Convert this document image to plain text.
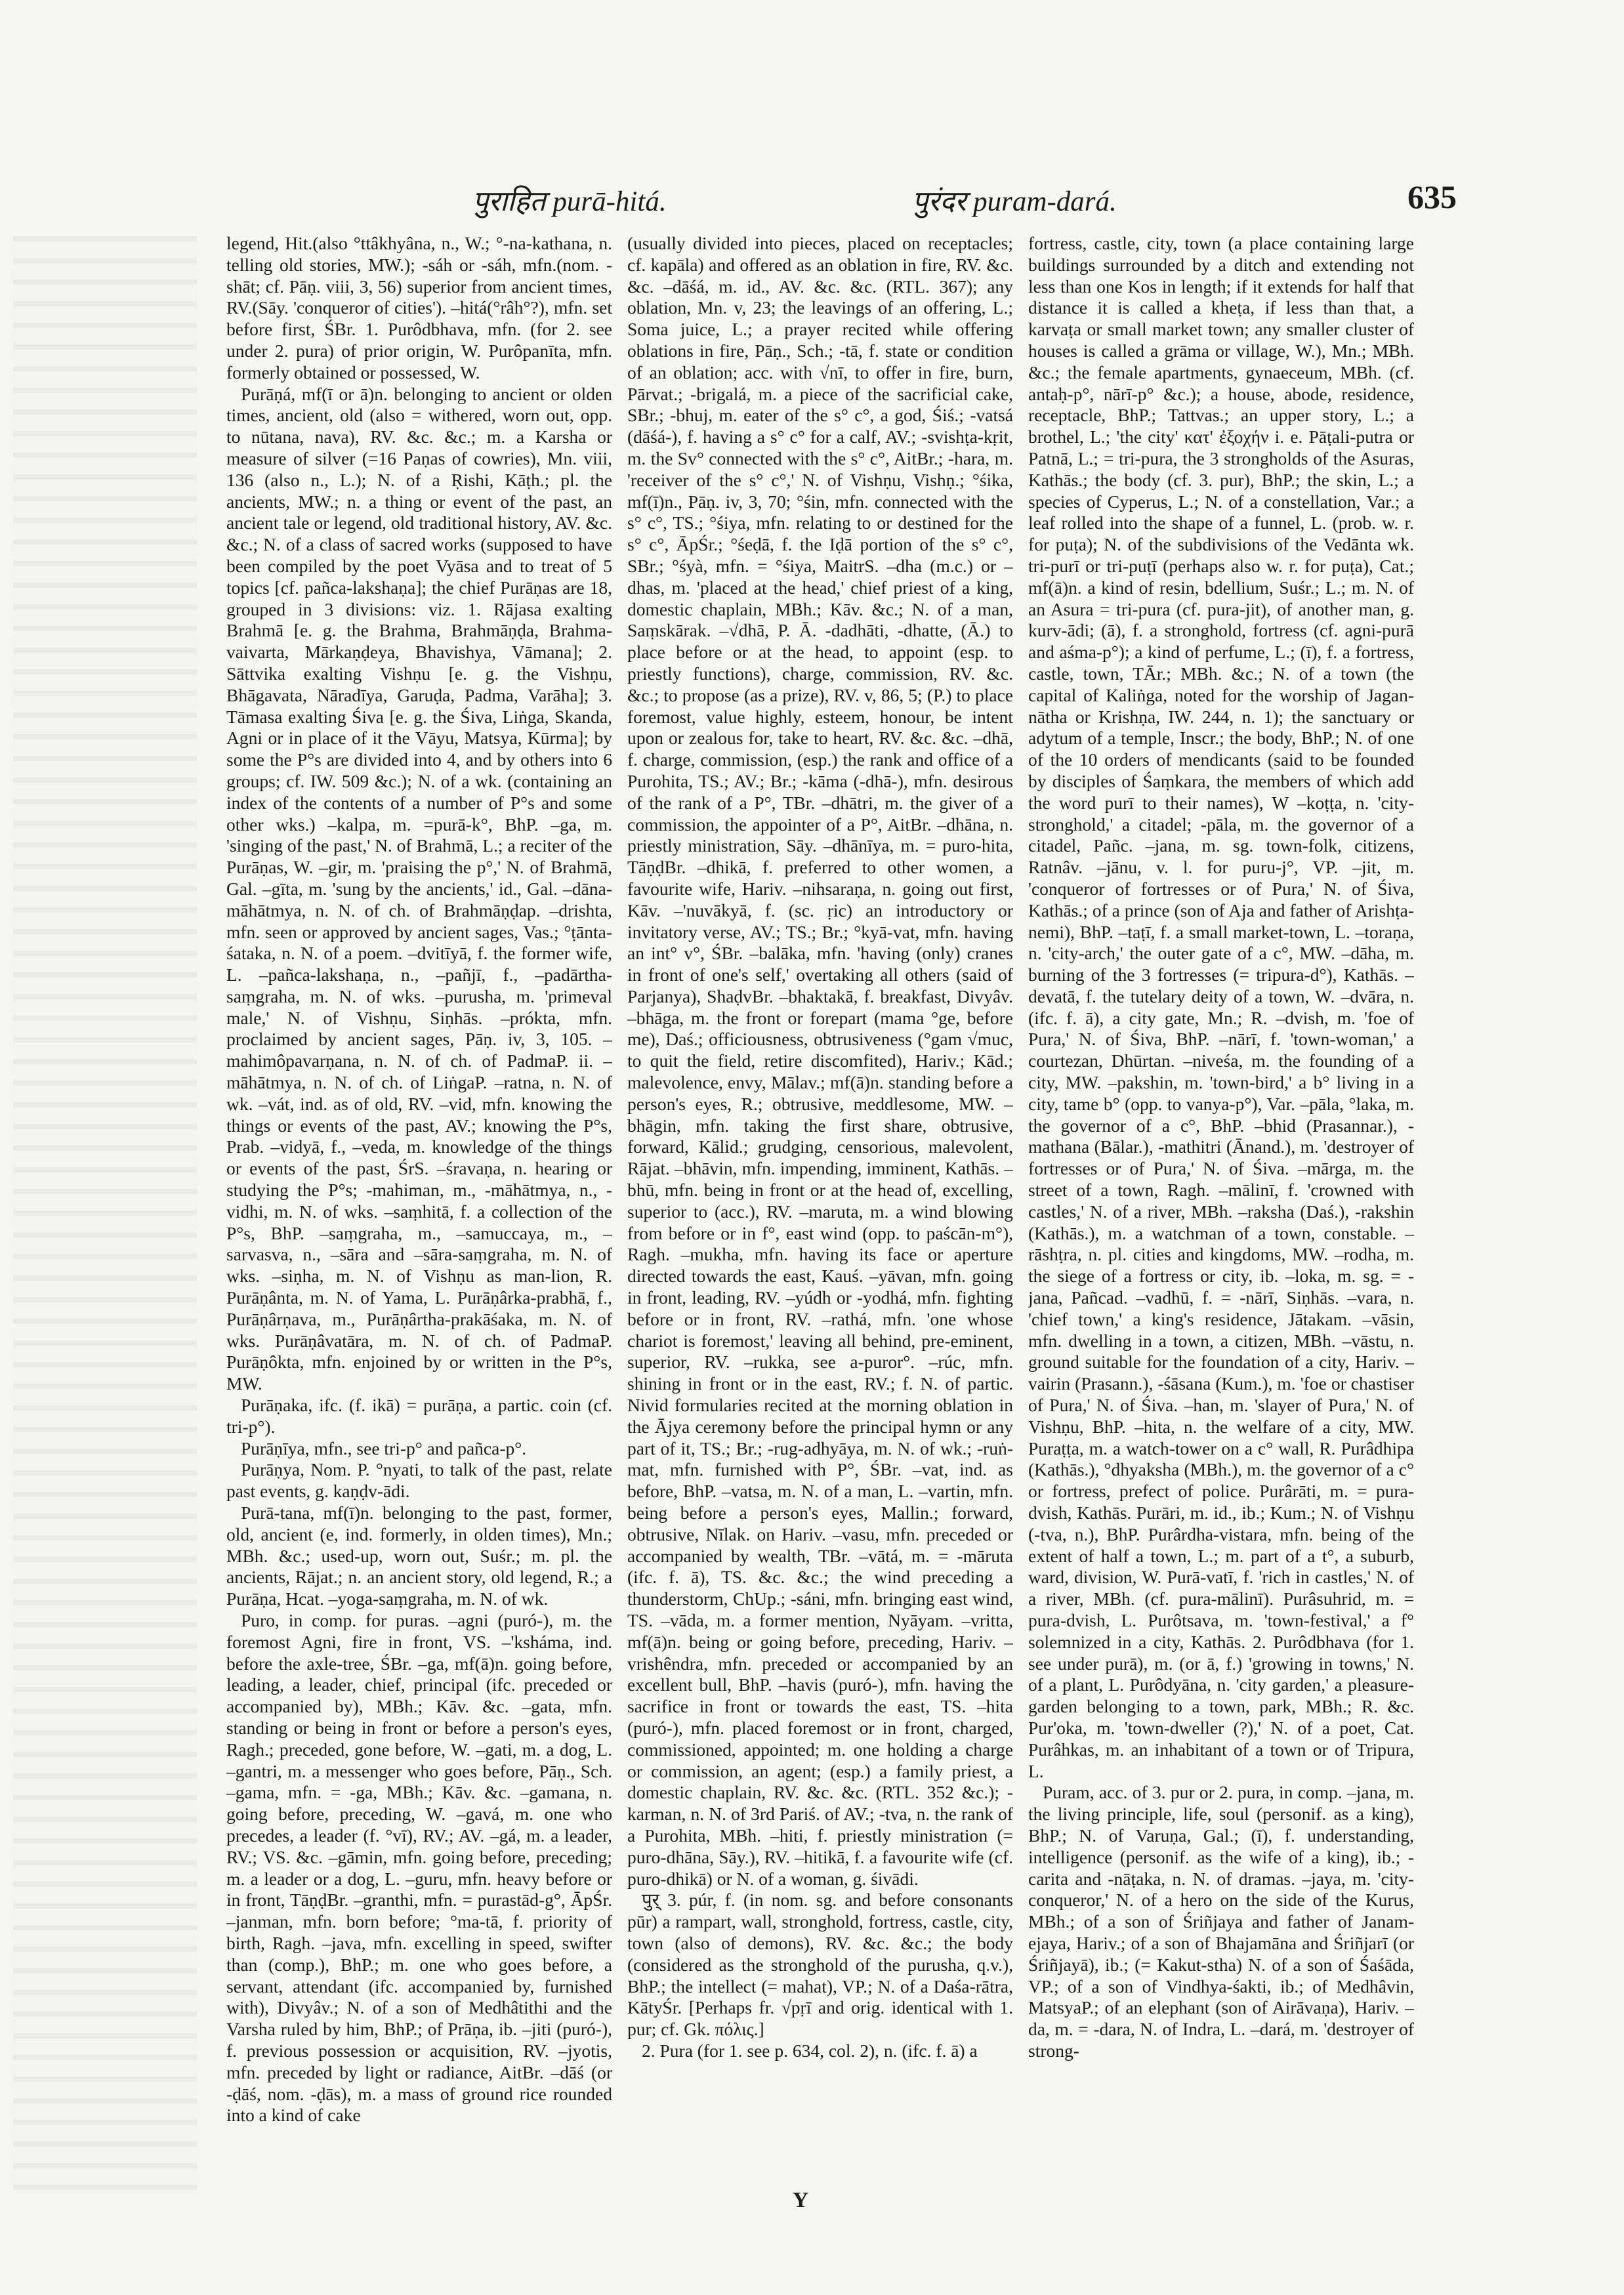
पुराहित purā-hitá.	पुरंदर puram-dará.	635

legend, Hit.(also °ttâkhyâna, n., W.; °-na-kathana, n. telling old stories, MW.); -sáh or -sáh, mfn.(nom. -shāt; cf. Pāṇ. viii, 3, 56) superior from ancient times, RV.(Sāy. 'conqueror of cities'). –hitá(°râh°?), mfn. set before first, ŚBr. 1. Purôdbhava, mfn. (for 2. see under 2. pura) of prior origin, W. Purôpanīta, mfn. formerly obtained or possessed, W.

Purāṇá, mf(ī or ā)n. belonging to ancient or olden times, ancient, old (also = withered, worn out, opp. to nūtana, nava), RV. &c. &c.; m. a Karsha or measure of silver (=16 Paṇas of cowries), Mn. viii, 136 (also n., L.); N. of a Ṛishi, Kāṭh.; pl. the ancients, MW.; n. a thing or event of the past, an ancient tale or legend, old traditional history, AV. &c. &c.; N. of a class of sacred works (supposed to have been compiled by the poet Vyāsa and to treat of 5 topics [cf. pañca-lakshaṇa]; the chief Purāṇas are 18, grouped in 3 divisions: viz. 1. Rājasa exalting Brahmā [e. g. the Brahma, Brahmāṇḍa, Brahma-vaivarta, Mārkaṇḍeya, Bhavishya, Vāmana]; 2. Sāttvika exalting Vishṇu [e. g. the Vishṇu, Bhāgavata, Nāradīya, Garuḍa, Padma, Varāha]; 3. Tāmasa exalting Śiva [e. g. the Śiva, Liṅga, Skanda, Agni or in place of it the Vāyu, Matsya, Kūrma]; by some the P°s are divided into 4, and by others into 6 groups; cf. IW. 509 &c.); N. of a wk. (containing an index of the contents of a number of P°s and some other wks.) –kalpa, m. =purā-k°, BhP. –ga, m. 'singing of the past,' N. of Brahmā, L.; a reciter of the Purāṇas, W. –gir, m. 'praising the p°,' N. of Brahmā, Gal. –gīta, m. 'sung by the ancients,' id., Gal. –dāna-māhātmya, n. N. of ch. of Brahmāṇḍap. –drishta, mfn. seen or approved by ancient sages, Vas.; °ṭānta-śataka, n. N. of a poem. –dvitīyā, f. the former wife, L. –pañca-lakshaṇa, n., –pañjī, f., –padārtha-saṃgraha, m. N. of wks. –purusha, m. 'primeval male,' N. of Vishṇu, Siṇhās. –prókta, mfn. proclaimed by ancient sages, Pāṇ. iv, 3, 105. –mahimôpavarṇana, n. N. of ch. of PadmaP. ii. –māhātmya, n. N. of ch. of LiṅgaP. –ratna, n. N. of wk. –vát, ind. as of old, RV. –vid, mfn. knowing the things or events of the past, AV.; knowing the P°s, Prab. –vidyā, f., –veda, m. knowledge of the things or events of the past, ŚrS. –śravaṇa, n. hearing or studying the P°s; -mahiman, m., -māhātmya, n., -vidhi, m. N. of wks. –saṃhitā, f. a collection of the P°s, BhP. –saṃgraha, m., –samuccaya, m., –sarvasva, n., –sāra and –sāra-saṃgraha, m. N. of wks. –siṇha, m. N. of Vishṇu as man-lion, R. Purāṇânta, m. N. of Yama, L. Purāṇârka-prabhā, f., Purāṇârṇava, m., Purāṇârtha-prakāśaka, m. N. of wks. Purāṇâvatāra, m. N. of ch. of PadmaP. Purāṇôkta, mfn. enjoined by or written in the P°s, MW.

Purāṇaka, ifc. (f. ikā) = purāṇa, a partic. coin (cf. tri-p°).

Purāṇīya, mfn., see tri-p° and pañca-p°.

Purāṇya, Nom. P. °nyati, to talk of the past, relate past events, g. kaṇḍv-ādi.

Purā-tana, mf(ī)n. belonging to the past, former, old, ancient (e, ind. formerly, in olden times), Mn.; MBh. &c.; used-up, worn out, Suśr.; m. pl. the ancients, Rājat.; n. an ancient story, old legend, R.; a Purāṇa, Hcat. –yoga-saṃgraha, m. N. of wk.

Puro, in comp. for puras. –agni (puró-), m. the foremost Agni, fire in front, VS. –'ksháma, ind. before the axle-tree, ŚBr. –ga, mf(ā)n. going before, leading, a leader, chief, principal (ifc. preceded or accompanied by), MBh.; Kāv. &c. –gata, mfn. standing or being in front or before a person's eyes, Ragh.; preceded, gone before, W. –gati, m. a dog, L. –gantri, m. a messenger who goes before, Pāṇ., Sch. –gama, mfn. = -ga, MBh.; Kāv. &c. –gamana, n. going before, preceding, W. –gavá, m. one who precedes, a leader (f. °vī), RV.; AV. –gá, m. a leader, RV.; VS. &c. –gāmin, mfn. going before, preceding; m. a leader or a dog, L. –guru, mfn. heavy before or in front, TāṇḍBr. –granthi, mfn. = purastād-g°, ĀpŚr. –janman, mfn. born before; °ma-tā, f. priority of birth, Ragh. –java, mfn. excelling in speed, swifter than (comp.), BhP.; m. one who goes before, a servant, attendant (ifc. accompanied by, furnished with), Divyâv.; N. of a son of Medhâtithi and the Varsha ruled by him, BhP.; of Prāṇa, ib. –jiti (puró-), f. previous possession or acquisition, RV. –jyotis, mfn. preceded by light or radiance, AitBr. –dāś (or -ḍāś, nom. -ḍās), m. a mass of ground rice rounded into a kind of cake

(usually divided into pieces, placed on receptacles; cf. kapāla) and offered as an oblation in fire, RV. &c. &c. –dāśá, m. id., AV. &c. &c. (RTL. 367); any oblation, Mn. v, 23; the leavings of an offering, L.; Soma juice, L.; a prayer recited while offering oblations in fire, Pāṇ., Sch.; -tā, f. state or condition of an oblation; acc. with √nī, to offer in fire, burn, Pārvat.; -brigalá, m. a piece of the sacrificial cake, SBr.; -bhuj, m. eater of the s° c°, a god, Śiś.; -vatsá (dāśá-), f. having a s° c° for a calf, AV.; -svishṭa-kṛit, m. the Sv° connected with the s° c°, AitBr.; -hara, m. 'receiver of the s° c°,' N. of Vishṇu, Vishṇ.; °śika, mf(ī)n., Pāṇ. iv, 3, 70; °śin, mfn. connected with the s° c°, TS.; °śiya, mfn. relating to or destined for the s° c°, ĀpŚr.; °śeḍā, f. the Iḍā portion of the s° c°, SBr.; °śyà, mfn. = °śiya, MaitrS. –dha (m.c.) or –dhas, m. 'placed at the head,' chief priest of a king, domestic chaplain, MBh.; Kāv. &c.; N. of a man, Saṃskārak. –√dhā, P. Ā. -dadhāti, -dhatte, (Ā.) to place before or at the head, to appoint (esp. to priestly functions), charge, commission, RV. &c. &c.; to propose (as a prize), RV. v, 86, 5; (P.) to place foremost, value highly, esteem, honour, be intent upon or zealous for, take to heart, RV. &c. &c. –dhā, f. charge, commission, (esp.) the rank and office of a Purohita, TS.; AV.; Br.; -kāma (-dhā-), mfn. desirous of the rank of a P°, TBr. –dhātri, m. the giver of a commission, the appointer of a P°, AitBr. –dhāna, n. priestly ministration, Sāy. –dhānīya, m. = puro-hita, TāṇḍBr. –dhikā, f. preferred to other women, a favourite wife, Hariv. –nihsaraṇa, n. going out first, Kāv. –'nuvākyā, f. (sc. ṛic) an introductory or invitatory verse, AV.; TS.; Br.; °kyā-vat, mfn. having an int° v°, ŚBr. –balāka, mfn. 'having (only) cranes in front of one's self,' overtaking all others (said of Parjanya), ShaḍvBr. –bhaktakā, f. breakfast, Divyâv. –bhāga, m. the front or forepart (mama °ge, before me), Daś.; officiousness, obtrusiveness (°gam √muc, to quit the field, retire discomfited), Hariv.; Kād.; malevolence, envy, Mālav.; mf(ā)n. standing before a person's eyes, R.; obtrusive, meddlesome, MW. –bhāgin, mfn. taking the first share, obtrusive, forward, Kālid.; grudging, censorious, malevolent, Rājat. –bhāvin, mfn. impending, imminent, Kathās. –bhū, mfn. being in front or at the head of, excelling, superior to (acc.), RV. –maruta, m. a wind blowing from before or in f°, east wind (opp. to paścān-m°), Ragh. –mukha, mfn. having its face or aperture directed towards the east, Kauś. –yāvan, mfn. going in front, leading, RV. –yúdh or -yodhá, mfn. fighting before or in front, RV. –rathá, mfn. 'one whose chariot is foremost,' leaving all behind, pre-eminent, superior, RV. –rukka, see a-puror°. –rúc, mfn. shining in front or in the east, RV.; f. N. of partic. Nivid formularies recited at the morning oblation in the Ājya ceremony before the principal hymn or any part of it, TS.; Br.; -rug-adhyāya, m. N. of wk.; -ruṅ-mat, mfn. furnished with P°, ŚBr. –vat, ind. as before, BhP. –vatsa, m. N. of a man, L. –vartin, mfn. being before a person's eyes, Mallin.; forward, obtrusive, Nīlak. on Hariv. –vasu, mfn. preceded or accompanied by wealth, TBr. –vātá, m. = -māruta (ifc. f. ā), TS. &c. &c.; the wind preceding a thunderstorm, ChUp.; -sáni, mfn. bringing east wind, TS. –vāda, m. a former mention, Nyāyam. –vritta, mf(ā)n. being or going before, preceding, Hariv. –vrishêndra, mfn. preceded or accompanied by an excellent bull, BhP. –havis (puró-), mfn. having the sacrifice in front or towards the east, TS. –hita (puró-), mfn. placed foremost or in front, charged, commissioned, appointed; m. one holding a charge or commission, an agent; (esp.) a family priest, a domestic chaplain, RV. &c. &c. (RTL. 352 &c.); -karman, n. N. of 3rd Pariś. of AV.; -tva, n. the rank of a Purohita, MBh. –hiti, f. priestly ministration (= puro-dhāna, Sāy.), RV. –hitikā, f. a favourite wife (cf. puro-dhikā) or N. of a woman, g. śivādi.

पुर् 3. púr, f. (in nom. sg. and before consonants pūr) a rampart, wall, stronghold, fortress, castle, city, town (also of demons), RV. &c. &c.; the body (considered as the stronghold of the purusha, q.v.), BhP.; the intellect (= mahat), VP.; N. of a Daśa-rātra, KātyŚr. [Perhaps fr. √pṛī and orig. identical with 1. pur; cf. Gk. πόλις.]

2. Pura (for 1. see p. 634, col. 2), n. (ifc. f. ā) a

fortress, castle, city, town (a place containing large buildings surrounded by a ditch and extending not less than one Kos in length; if it extends for half that distance it is called a kheṭa, if less than that, a karvaṭa or small market town; any smaller cluster of houses is called a grāma or village, W.), Mn.; MBh. &c.; the female apartments, gynaeceum, MBh. (cf. antaḥ-p°, nārī-p° &c.); a house, abode, residence, receptacle, BhP.; Tattvas.; an upper story, L.; a brothel, L.; 'the city' κατ' ἐξοχήν i. e. Pāṭali-putra or Patnā, L.; = tri-pura, the 3 strongholds of the Asuras, Kathās.; the body (cf. 3. pur), BhP.; the skin, L.; a species of Cyperus, L.; N. of a constellation, Var.; a leaf rolled into the shape of a funnel, L. (prob. w. r. for puṭa); N. of the subdivisions of the Vedānta wk. tri-purī or tri-puṭī (perhaps also w. r. for puṭa), Cat.; mf(ā)n. a kind of resin, bdellium, Suśr.; L.; m. N. of an Asura = tri-pura (cf. pura-jit), of another man, g. kurv-ādi; (ā), f. a stronghold, fortress (cf. agni-purā and aśma-p°); a kind of perfume, L.; (ī), f. a fortress, castle, town, TĀr.; MBh. &c.; N. of a town (the capital of Kaliṅga, noted for the worship of Jagan-nātha or Krishṇa, IW. 244, n. 1); the sanctuary or adytum of a temple, Inscr.; the body, BhP.; N. of one of the 10 orders of mendicants (said to be founded by disciples of Śaṃkara, the members of which add the word purī to their names), W –koṭṭa, n. 'city-stronghold,' a citadel; -pāla, m. the governor of a citadel, Pañc. –jana, m. sg. town-folk, citizens, Ratnâv. –jānu, v. l. for puru-j°, VP. –jit, m. 'conqueror of fortresses or of Pura,' N. of Śiva, Kathās.; of a prince (son of Aja and father of Arishṭa-nemi), BhP. –taṭī, f. a small market-town, L. –toraṇa, n. 'city-arch,' the outer gate of a c°, MW. –dāha, m. burning of the 3 fortresses (= tripura-d°), Kathās. –devatā, f. the tutelary deity of a town, W. –dvāra, n. (ifc. f. ā), a city gate, Mn.; R. –dvish, m. 'foe of Pura,' N. of Śiva, BhP. –nārī, f. 'town-woman,' a courtezan, Dhūrtan. –niveśa, m. the founding of a city, MW. –pakshin, m. 'town-bird,' a b° living in a city, tame b° (opp. to vanya-p°), Var. –pāla, °laka, m. the governor of a c°, BhP. –bhid (Prasannar.), -mathana (Bālar.), -mathitri (Ānand.), m. 'destroyer of fortresses or of Pura,' N. of Śiva. –mārga, m. the street of a town, Ragh. –mālinī, f. 'crowned with castles,' N. of a river, MBh. –raksha (Daś.), -rakshin (Kathās.), m. a watchman of a town, constable. –rāshṭra, n. pl. cities and kingdoms, MW. –rodha, m. the siege of a fortress or city, ib. –loka, m. sg. = -jana, Pañcad. –vadhū, f. = -nārī, Siṇhās. –vara, n. 'chief town,' a king's residence, Jātakam. –vāsin, mfn. dwelling in a town, a citizen, MBh. –vāstu, n. ground suitable for the foundation of a city, Hariv. –vairin (Prasann.), -śāsana (Kum.), m. 'foe or chastiser of Pura,' N. of Śiva. –han, m. 'slayer of Pura,' N. of Vishṇu, BhP. –hita, n. the welfare of a city, MW. Puraṭṭa, m. a watch-tower on a c° wall, R. Purâdhipa (Kathās.), °dhyaksha (MBh.), m. the governor of a c° or fortress, prefect of police. Purârāti, m. = pura-dvish, Kathās. Purāri, m. id., ib.; Kum.; N. of Vishṇu (-tva, n.), BhP. Purârdha-vistara, mfn. being of the extent of half a town, L.; m. part of a t°, a suburb, ward, division, W. Purā-vatī, f. 'rich in castles,' N. of a river, MBh. (cf. pura-mālinī). Purâsuhrid, m. = pura-dvish, L. Purôtsava, m. 'town-festival,' a f° solemnized in a city, Kathās. 2. Purôdbhava (for 1. see under purā), m. (or ā, f.) 'growing in towns,' N. of a plant, L. Purôdyāna, n. 'city garden,' a pleasure-garden belonging to a town, park, MBh.; R. &c. Pur'oka, m. 'town-dweller (?),' N. of a poet, Cat. Purâhkas, m. an inhabitant of a town or of Tripura, L.

Puram, acc. of 3. pur or 2. pura, in comp. –jana, m. the living principle, life, soul (personif. as a king), BhP.; N. of Varuṇa, Gal.; (ī), f. understanding, intelligence (personif. as the wife of a king), ib.; -carita and -nāṭaka, n. N. of dramas. –jaya, m. 'city-conqueror,' N. of a hero on the side of the Kurus, MBh.; of a son of Śriñjaya and father of Janam-ejaya, Hariv.; of a son of Bhajamāna and Śriñjarī (or Śriñjayā), ib.; (= Kakut-stha) N. of a son of Śaśāda, VP.; of a son of Vindhya-śakti, ib.; of Medhâvin, MatsyaP.; of an elephant (son of Airāvaṇa), Hariv. –da, m. = -dara, N. of Indra, L. –dará, m. 'destroyer of strong-

Y
